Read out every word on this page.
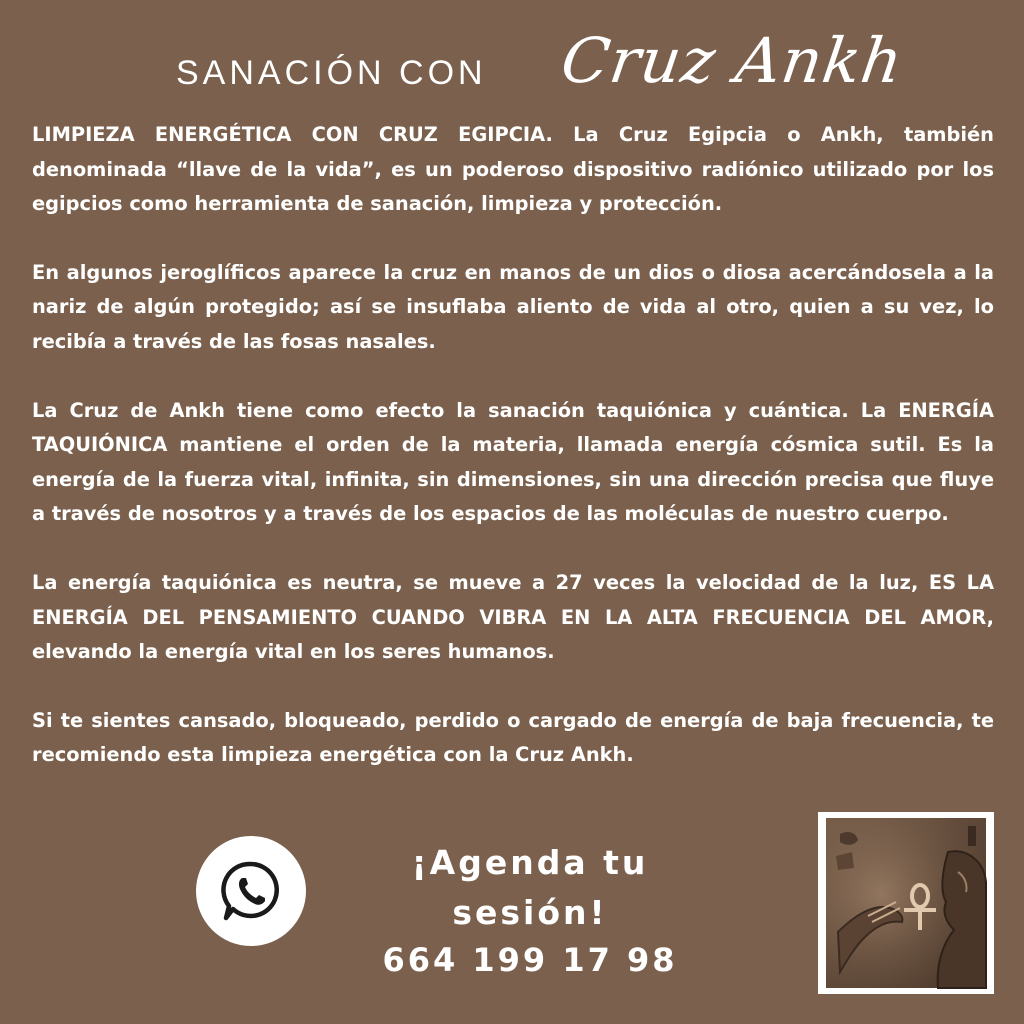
SANACIÓN CON Cruz Ankh

LIMPIEZA ENERGÉTICA CON CRUZ EGIPCIA. La Cruz Egipcia o Ankh, también denominada “llave de la vida”, es un poderoso dispositivo radiónico utilizado por los egipcios como herramienta de sanación, limpieza y protección.

En algunos jeroglíficos aparece la cruz en manos de un dios o diosa acercándosela a la nariz de algún protegido; así se insuflaba aliento de vida al otro, quien a su vez, lo recibía a través de las fosas nasales.

La Cruz de Ankh tiene como efecto la sanación taquiónica y cuántica. La ENERGÍA TAQUIÓNICA mantiene el orden de la materia, llamada energía cósmica sutil. Es la energía de la fuerza vital, infinita, sin dimensiones, sin una dirección precisa que fluye a través de nosotros y a través de los espacios de las moléculas de nuestro cuerpo.

La energía taquiónica es neutra, se mueve a 27 veces la velocidad de la luz, ES LA ENERGÍA DEL PENSAMIENTO CUANDO VIBRA EN LA ALTA FRECUENCIA DEL AMOR, elevando la energía vital en los seres humanos.

Si te sientes cansado, bloqueado, perdido o cargado de energía de baja frecuencia, te recomiendo esta limpieza energética con la Cruz Ankh.

¡Agenda tu sesión!
664 199 17 98
